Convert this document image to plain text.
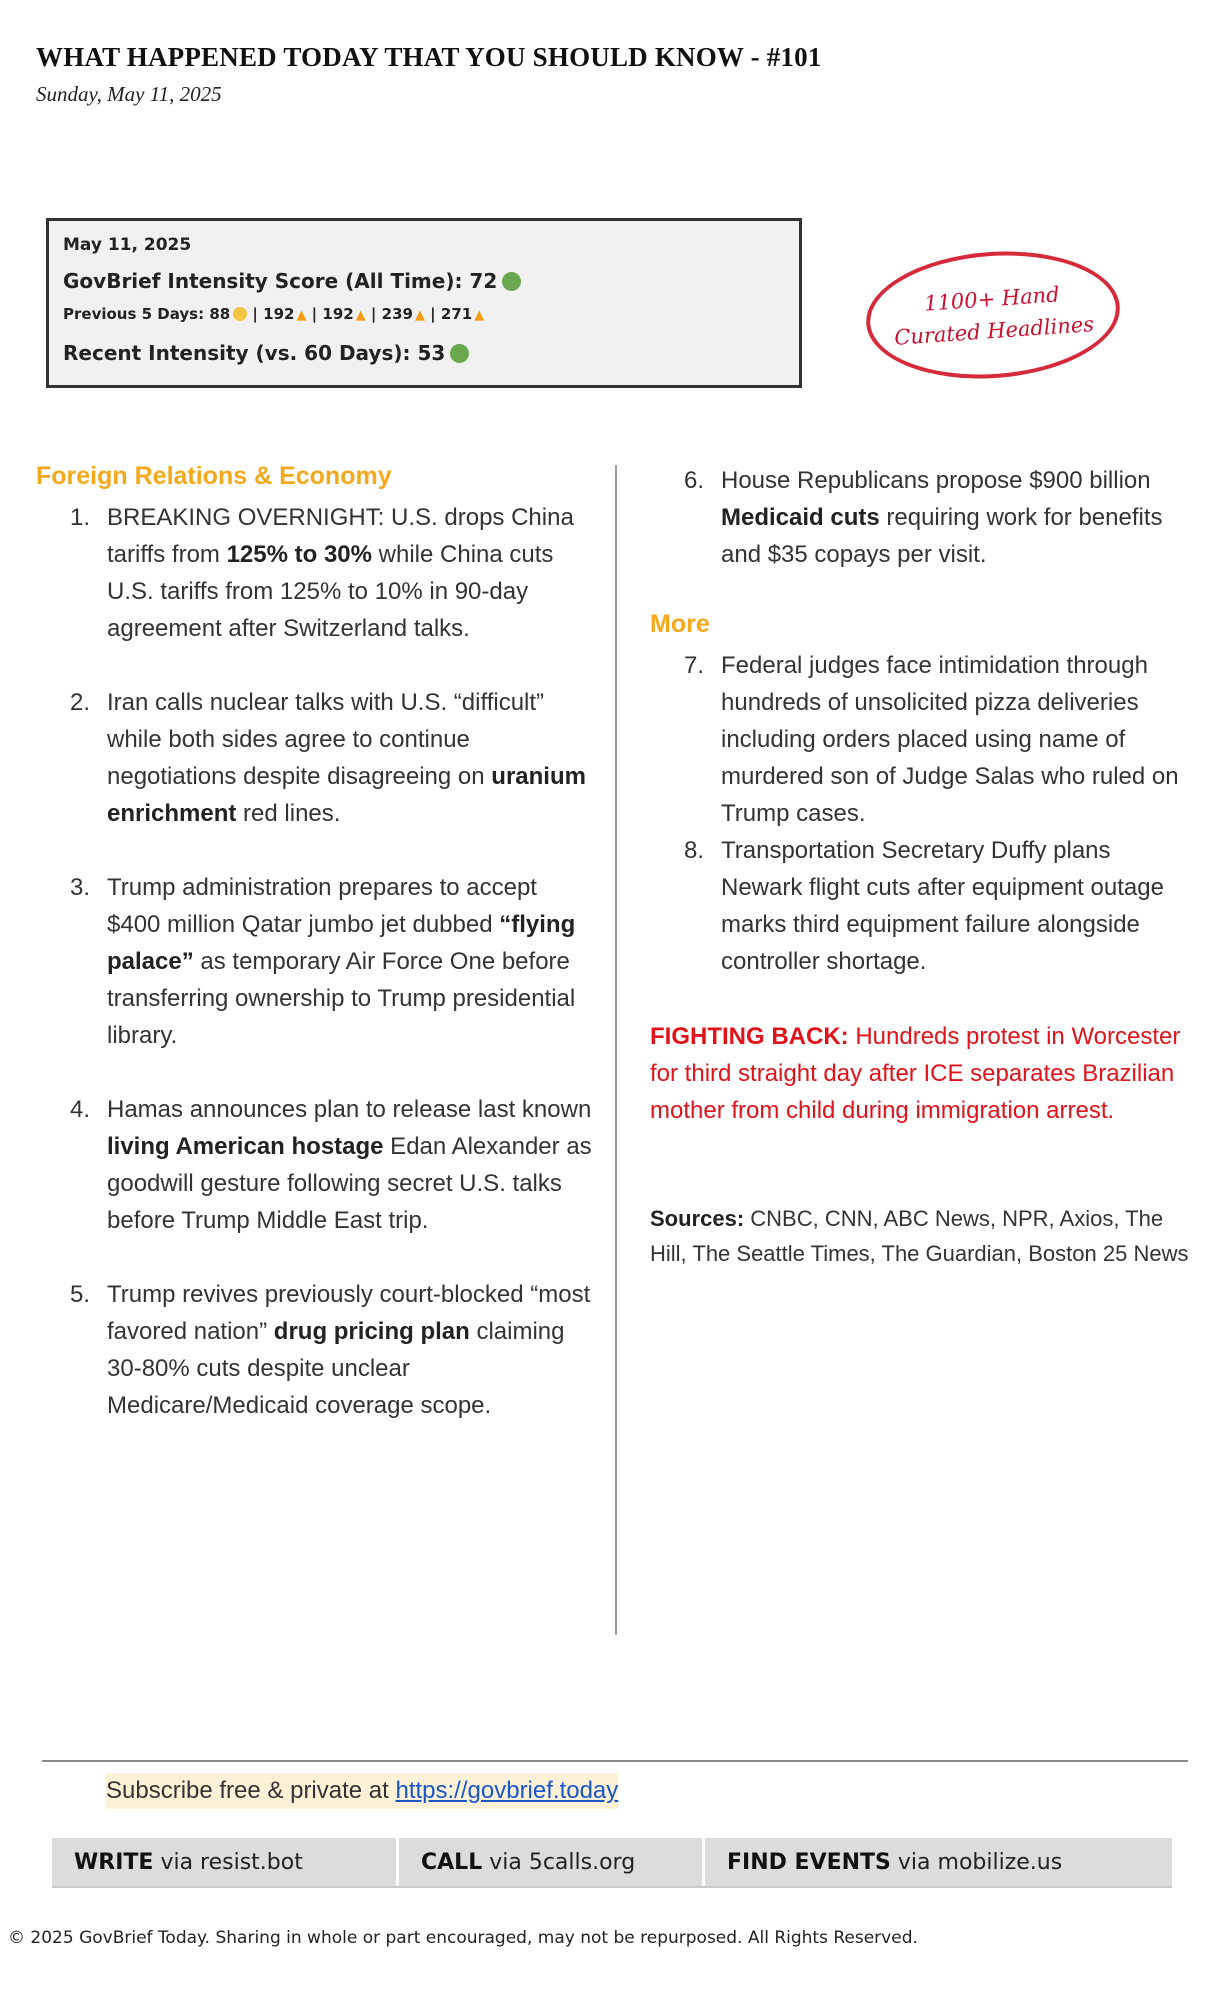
WHAT HAPPENED TODAY THAT YOU SHOULD KNOW - #101
Sunday, May 11, 2025
May 11, 2025
GovBrief Intensity Score (All Time): 72
Previous 5 Days: 88 | 192 ▲ | 192 ▲ | 239 ▲ | 271 ▲
Recent Intensity (vs. 60 Days): 53
1100+ Hand
Curated Headlines
Foreign Relations & Economy
1. BREAKING OVERNIGHT: U.S. drops China tariffs from 125% to 30% while China cuts U.S. tariffs from 125% to 10% in 90-day agreement after Switzerland talks.
2. Iran calls nuclear talks with U.S. “difficult” while both sides agree to continue negotiations despite disagreeing on uranium enrichment red lines.
3. Trump administration prepares to accept $400 million Qatar jumbo jet dubbed “flying palace” as temporary Air Force One before transferring ownership to Trump presidential library.
4. Hamas announces plan to release last known living American hostage Edan Alexander as goodwill gesture following secret U.S. talks before Trump Middle East trip.
5. Trump revives previously court-blocked “most favored nation” drug pricing plan claiming 30-80% cuts despite unclear Medicare/Medicaid coverage scope.
6. House Republicans propose $900 billion Medicaid cuts requiring work for benefits and $35 copays per visit.
More
7. Federal judges face intimidation through hundreds of unsolicited pizza deliveries including orders placed using name of murdered son of Judge Salas who ruled on Trump cases.
8. Transportation Secretary Duffy plans Newark flight cuts after equipment outage marks third equipment failure alongside controller shortage.
FIGHTING BACK: Hundreds protest in Worcester for third straight day after ICE separates Brazilian mother from child during immigration arrest.
Sources: CNBC, CNN, ABC News, NPR, Axios, The Hill, The Seattle Times, The Guardian, Boston 25 News
Subscribe free & private at https://govbrief.today
WRITE via resist.bot	CALL via 5calls.org	FIND EVENTS via mobilize.us
© 2025 GovBrief Today. Sharing in whole or part encouraged, may not be repurposed. All Rights Reserved.
